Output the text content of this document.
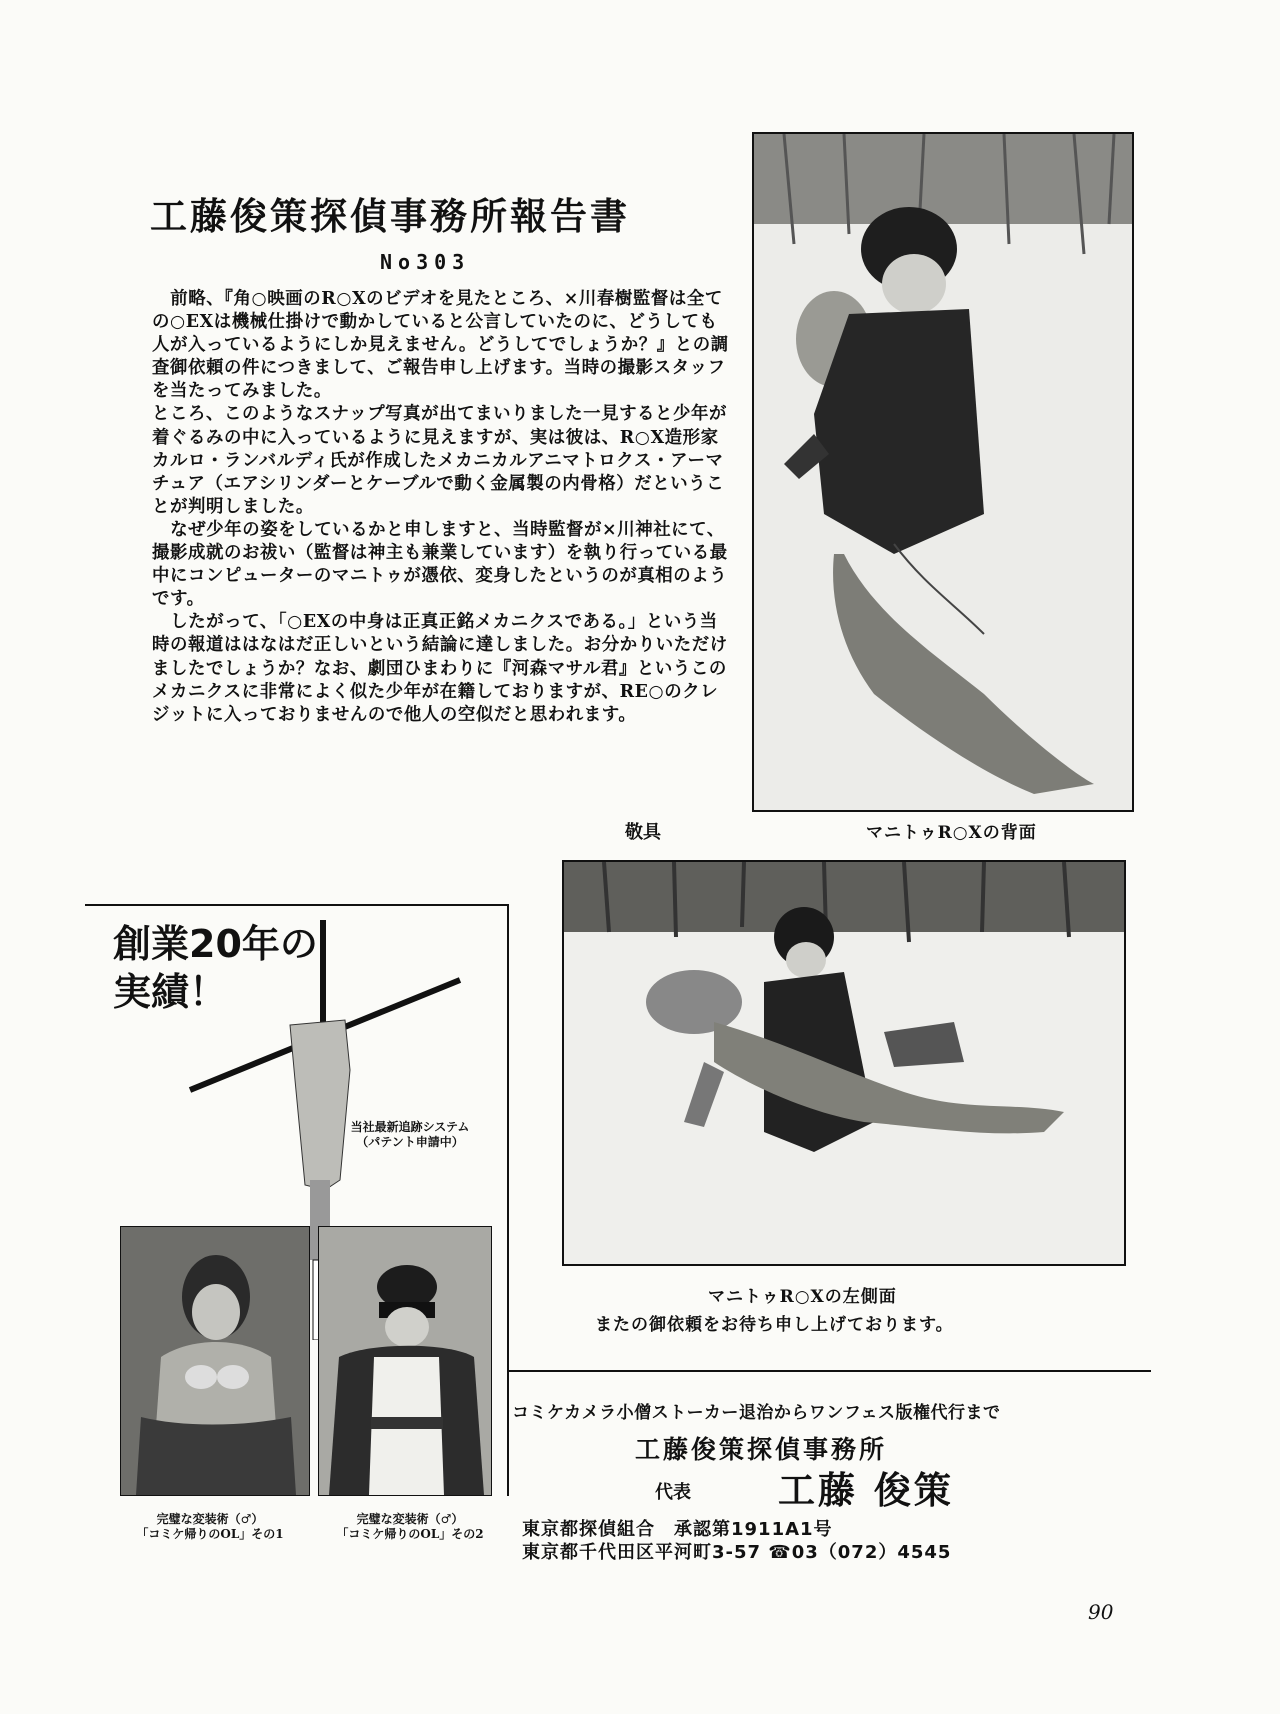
工藤俊策探偵事務所報告書
No303

前略、『角○映画のR○Xのビデオを見たところ、×川春樹監督は全ての○EXは機械仕掛けで動かしていると公言していたのに、どうしても人が入っているようにしか見えません。どうしてでしょうか？』との調査御依頼の件につきまして、ご報告申し上げます。当時の撮影スタッフを当たってみました。

ところ、このようなスナップ写真が出てまいりました一見すると少年が着ぐるみの中に入っているように見えますが、実は彼は、R○X造形家カルロ・ランバルディ氏が作成したメカニカルアニマトロクス・アーマチュア（エアシリンダーとケーブルで動く金属製の内骨格）だということが判明しました。

なぜ少年の姿をしているかと申しますと、当時監督が×川神社にて、撮影成就のお祓い（監督は神主も兼業しています）を執り行っている最中にコンピューターのマニトゥが憑依、変身したというのが真相のようです。

したがって、「○EXの中身は正真正銘メカニクスである。」という当時の報道ははなはだ正しいという結論に達しました。お分かりいただけましたでしょうか？なお、劇団ひまわりに『河森マサル君』というこのメカニクスに非常によく似た少年が在籍しておりますが、RE○のクレジットに入っておりませんので他人の空似だと思われます。

敬具	マニトゥR○Xの背面
マニトゥR○Xの左側面
またの御依頼をお待ち申し上げております。
創業20年の
実績！
当社最新追跡システム
（パテント申請中）
完璧な変装術（♂）
「コミケ帰りのOL」その1
完璧な変装術（♂）
「コミケ帰りのOL」その2
コミケカメラ小僧ストーカー退治からワンフェス版権代行まで
工藤俊策探偵事務所
代表 工藤 俊策
東京都探偵組合　承認第1911A1号
東京都千代田区平河町3-57 ☎03（072）4545
90
